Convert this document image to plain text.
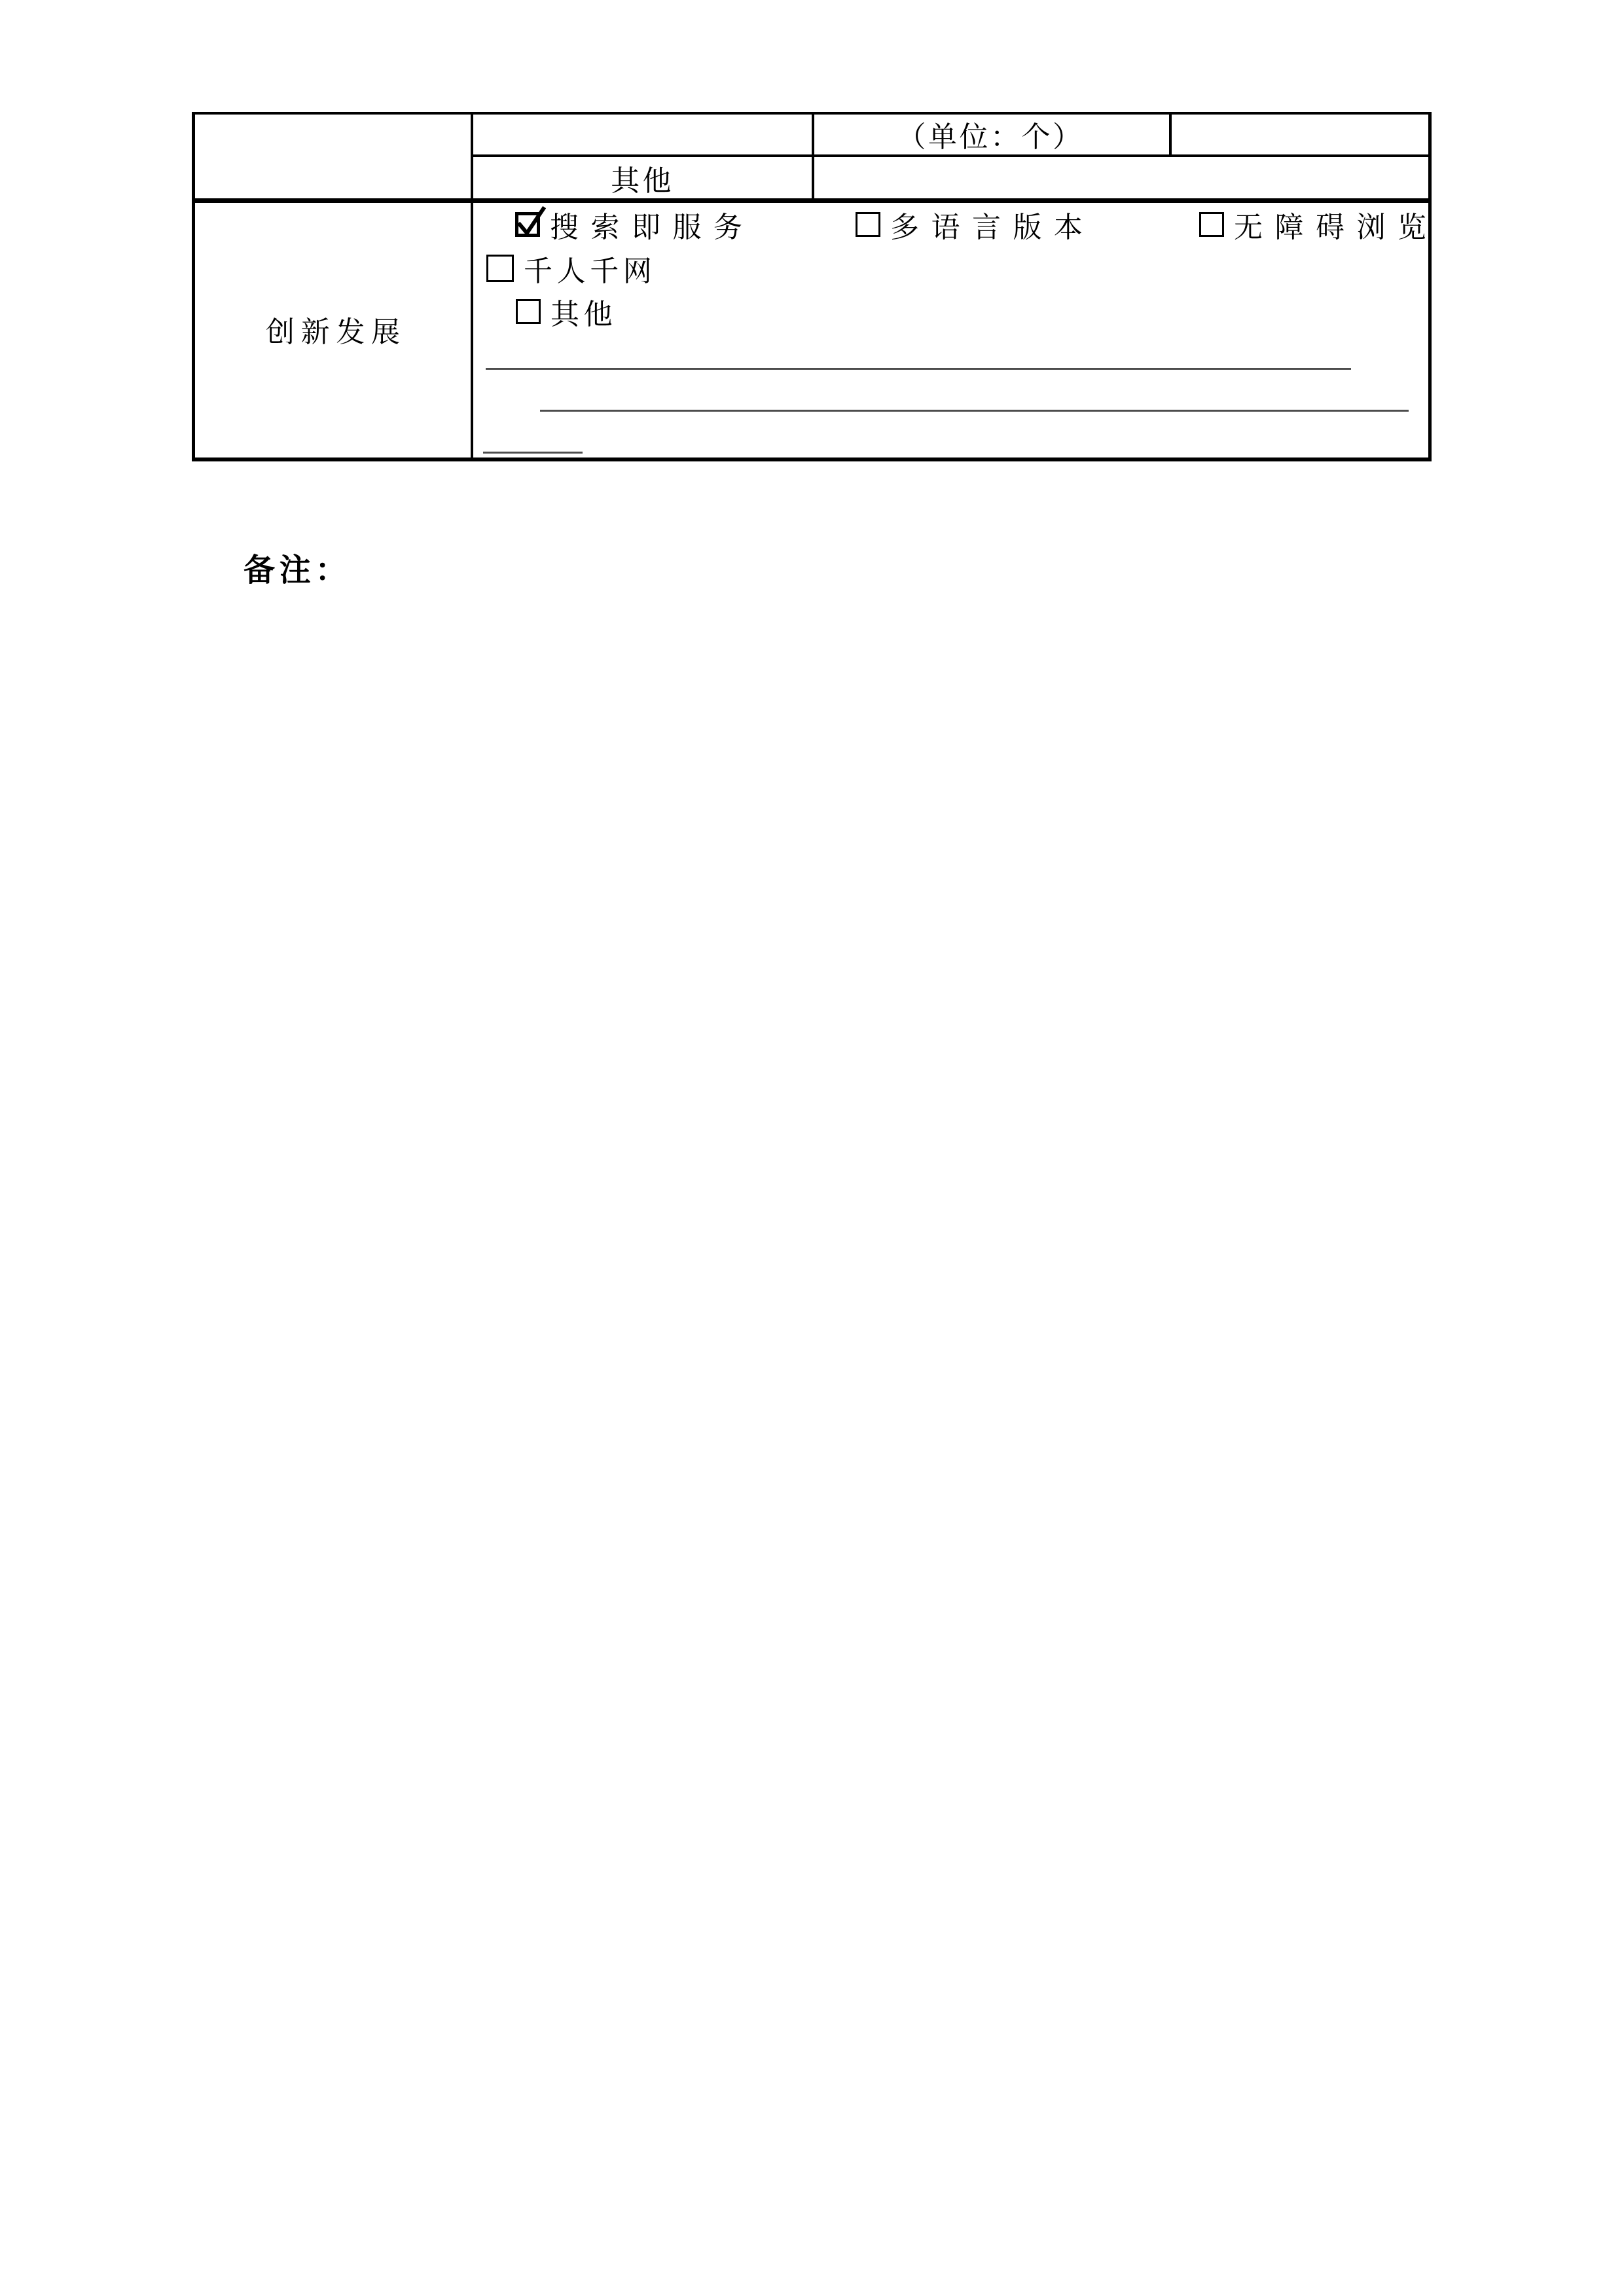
（单位：个）
其他
创新发展
搜索即服务	多语言版本	无障碍浏览
千人千网
其他
备注：
